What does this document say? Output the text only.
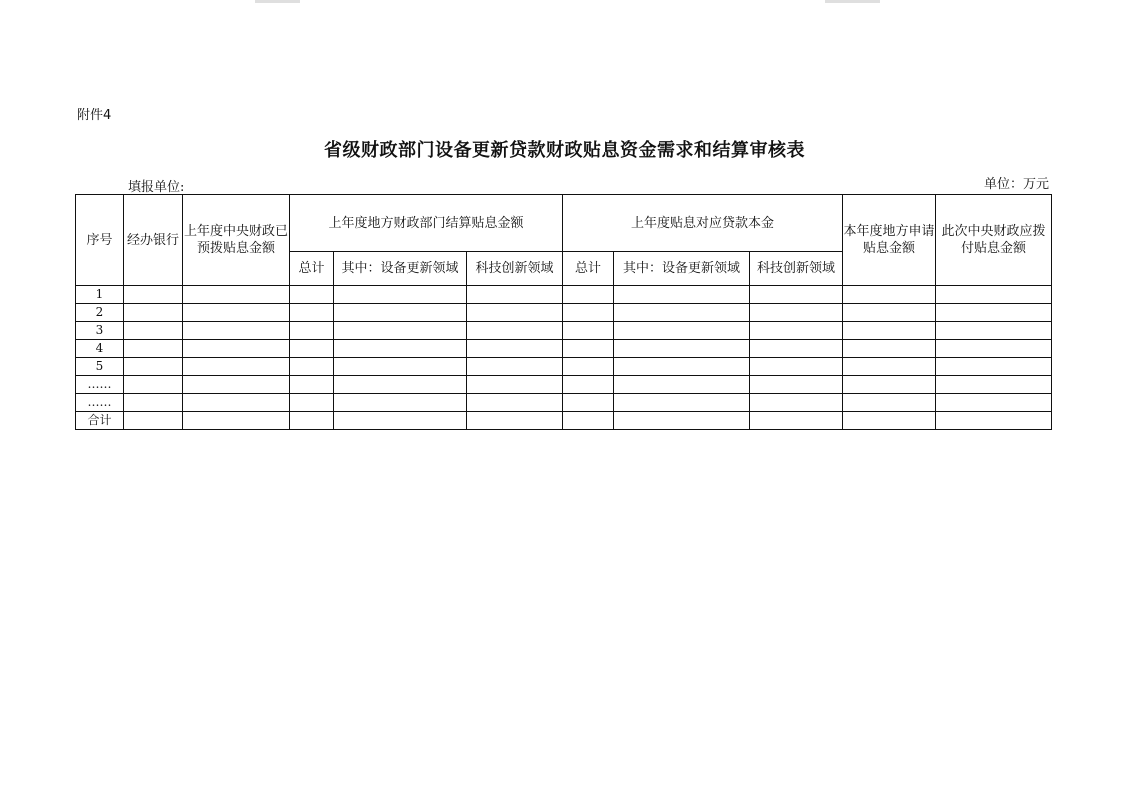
附件4
省级财政部门设备更新贷款财政贴息资金需求和结算审核表
填报单位:	单位：万元
序号	经办银行	上年度中央财政已预拨贴息金额	上年度地方财政部门结算贴息金额			上年度贴息对应贷款本金			本年度地方申请贴息金额	此次中央财政应拨付贴息金额
			总计	其中：设备更新领域	科技创新领域	总计	其中：设备更新领域	科技创新领域		
1										
2										
3										
4										
5										
……										
……										
合计										
